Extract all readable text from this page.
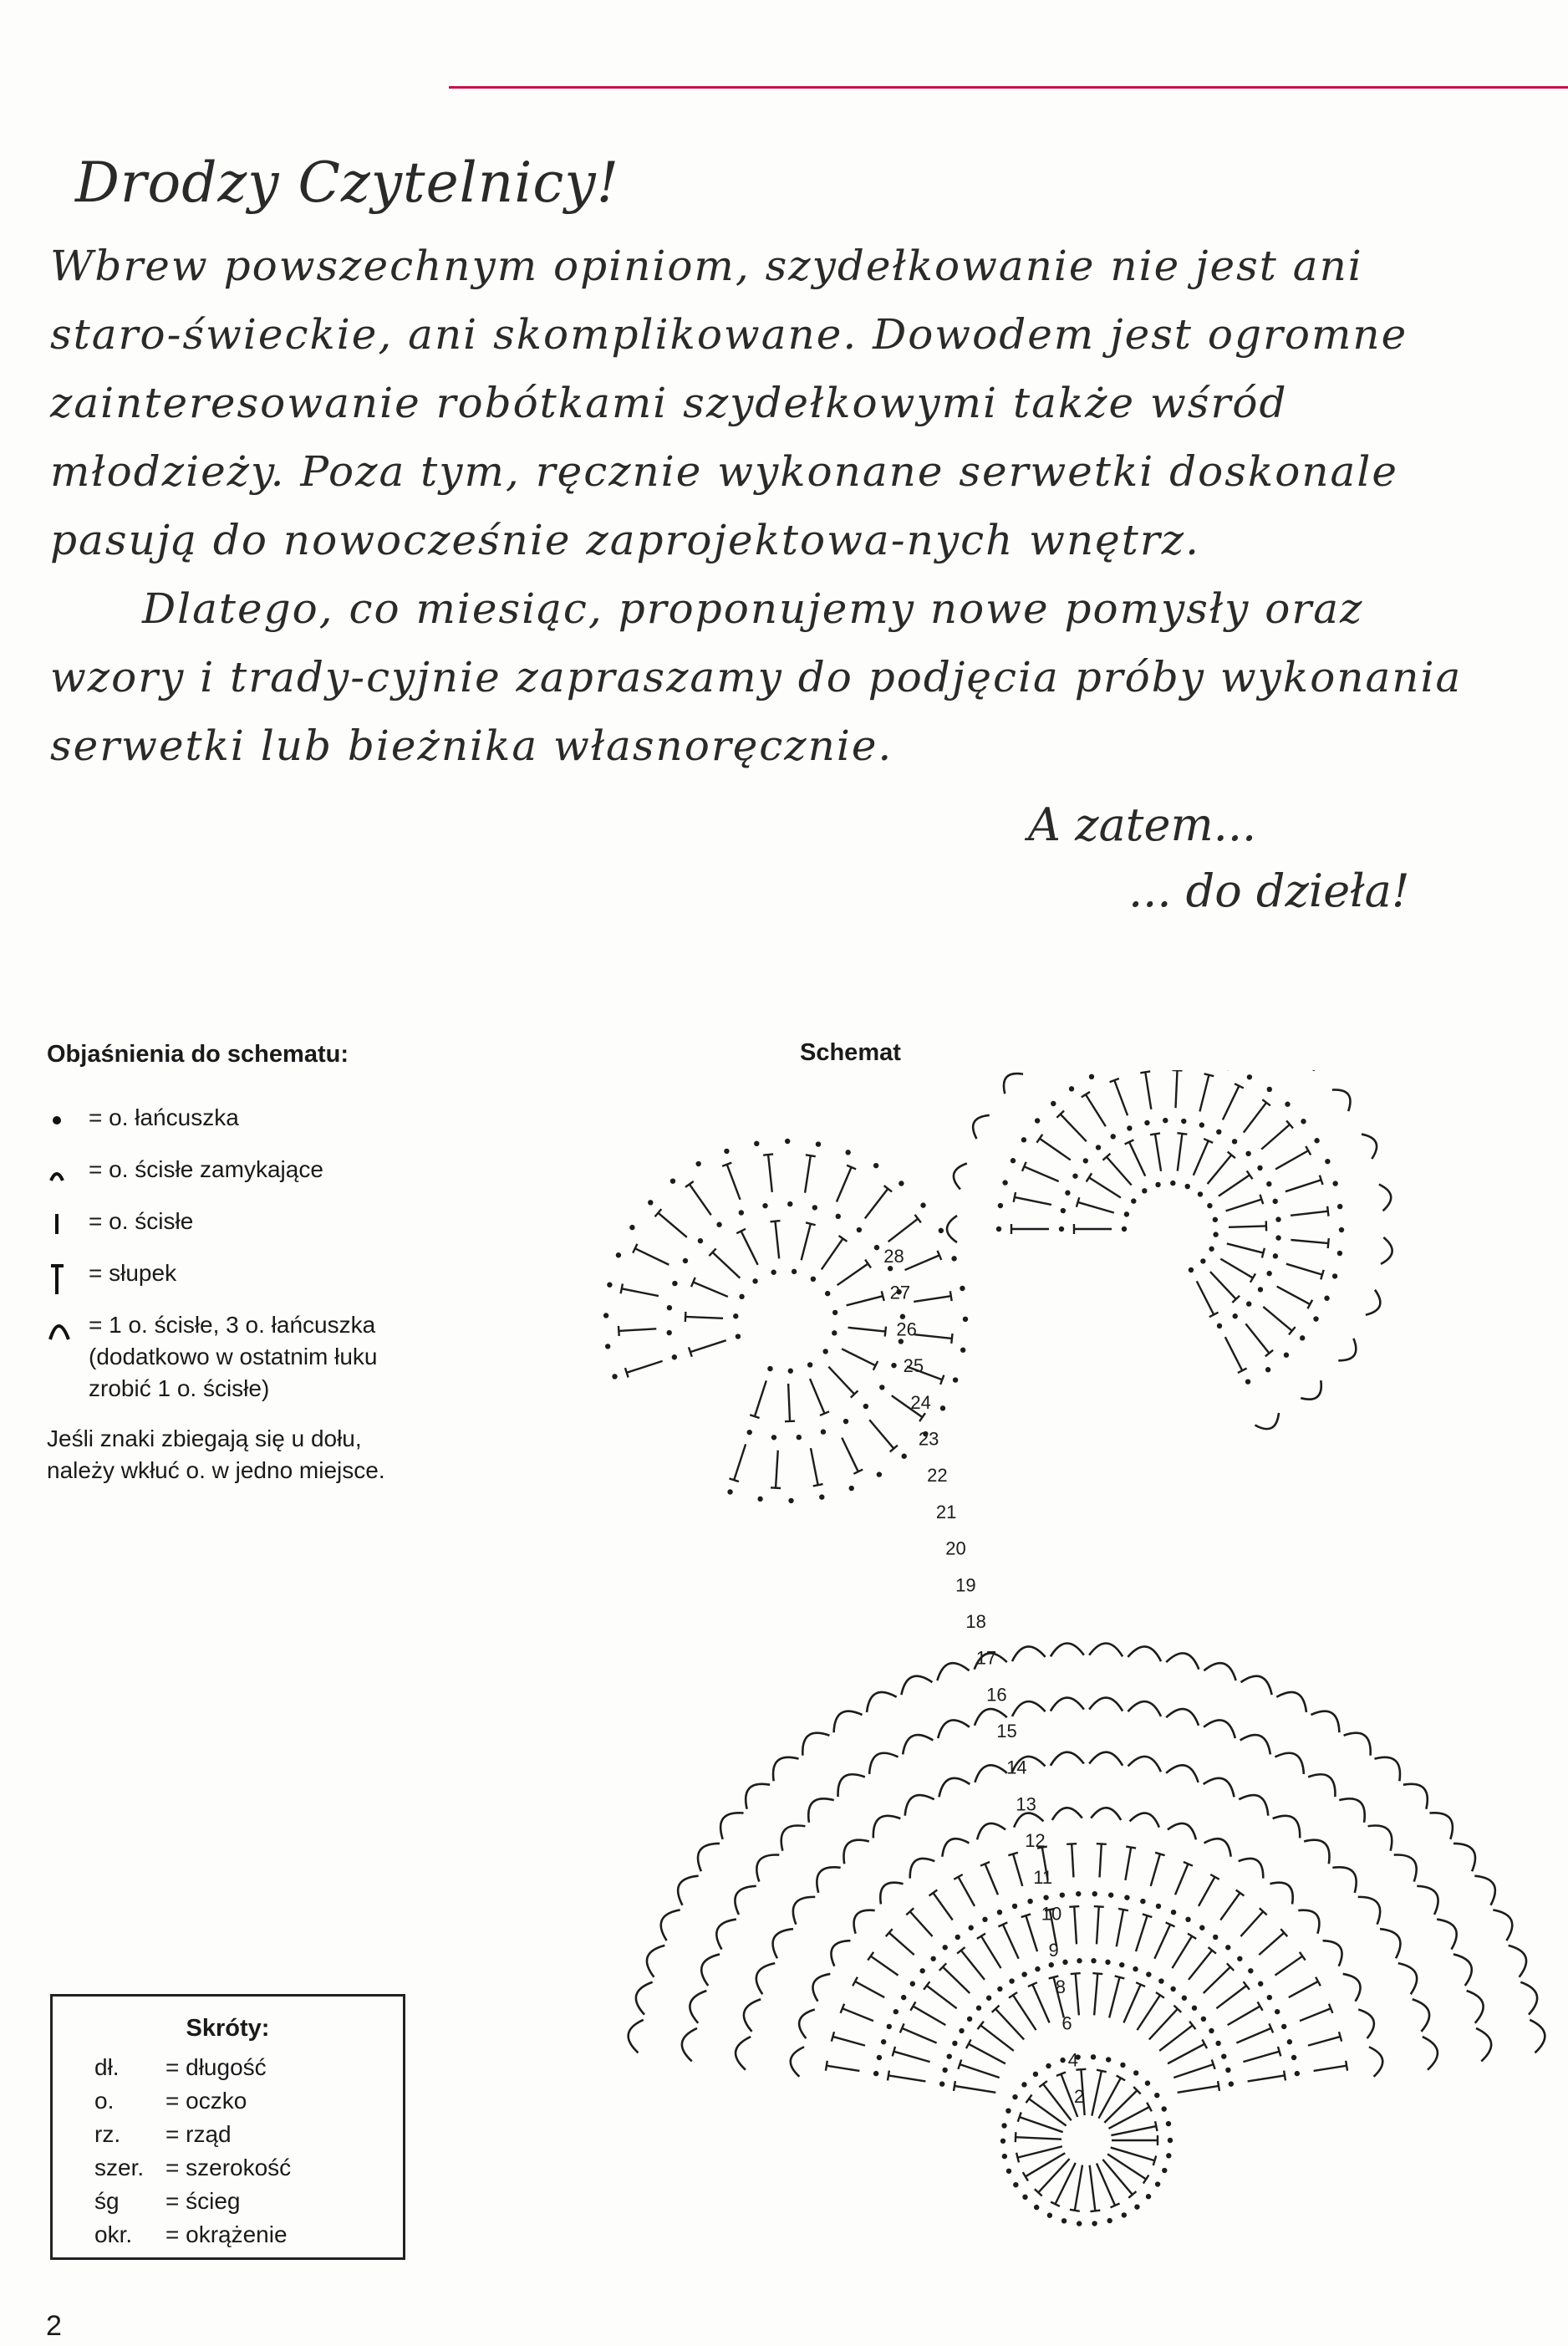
Drodzy Czytelnicy!

Wbrew powszechnym opiniom, szydełkowanie nie jest ani staro-świeckie, ani skomplikowane. Dowodem jest ogromne zainteresowanie robótkami szydełkowymi także wśród młodzieży. Poza tym, ręcznie wykonane serwetki doskonale pasują do nowocześnie zaprojektowa-nych wnętrz.

Dlatego, co miesiąc, proponujemy nowe pomysły oraz wzory i trady-cyjnie zapraszamy do podjęcia próby wykonania serwetki lub bieżnika własnoręcznie.

A zatem...
... do dzieła!
Objaśnienia do schematu:
= o. łańcuszka
= o. ścisłe zamykające
= o. ścisłe
= słupek
= 1 o. ścisłe, 3 o. łańcuszka (dodatkowo w ostatnim łuku zrobić 1 o. ścisłe)
Jeśli znaki zbiegają się u dołu, należy wkłuć o. w jedno miejsce.
Schemat
2
4
6
8
9
10
11
12
13
14
15
16
17
18
19
20
21
22
23
24
25
26
27
28
Skróty:
dł.	= długość
o.	= oczko
rz.	= rząd
szer.	= szerokość
śg	= ścieg
okr.	= okrążenie
2
